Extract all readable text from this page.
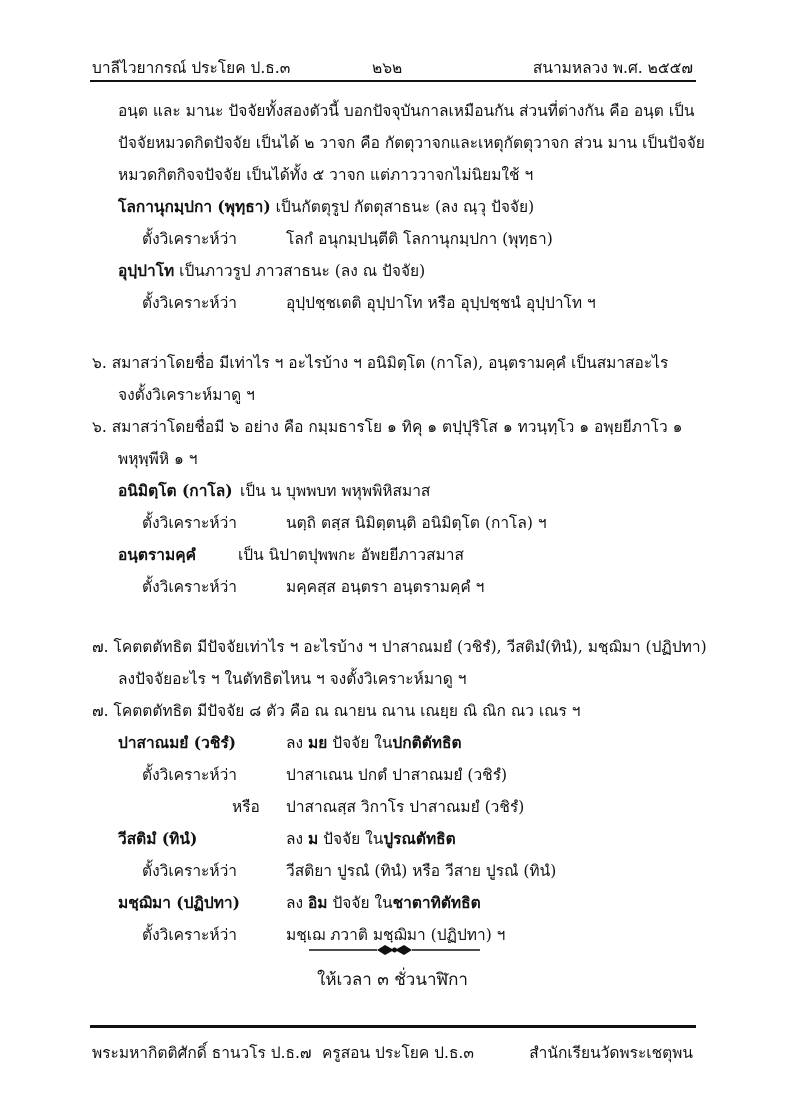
บาลีไวยากรณ์ ประโยค ป.ธ.๓	๒๖๒	สนามหลวง พ.ศ. ๒๕๕๗
อนฺต และ มานะ ปัจจัยทั้งสองตัวนี้ บอกปัจจุบันกาลเหมือนกัน ส่วนที่ต่างกัน คือ อนฺต เป็น
ปัจจัยหมวดกิตปัจจัย เป็นได้ ๒ วาจก คือ กัตตุวาจกและเหตุกัตตุวาจก ส่วน มาน เป็นปัจจัย
หมวดกิตกิจจปัจจัย เป็นได้ทั้ง ๕ วาจก แต่ภาววาจกไม่นิยมใช้ ฯ
โลกานุกมฺปกา (พุทฺธา) เป็นกัตตุรูป กัตตุสาธนะ (ลง ณฺวุ ปัจจัย)
ตั้งวิเคราะห์ว่า	โลกํ อนุกมฺปนฺตีติ โลกานุกมฺปกา (พุทฺธา)
อุปฺปาโท เป็นภาวรูป ภาวสาธนะ (ลง ณ ปัจจัย)
ตั้งวิเคราะห์ว่า	อุปฺปชฺชเตติ อุปฺปาโท หรือ อุปฺปชฺชนํ อุปฺปาโท ฯ
๖. สมาสว่าโดยชื่อ มีเท่าไร ฯ อะไรบ้าง ฯ อนิมิตฺโต (กาโล), อนฺตรามคฺคํ เป็นสมาสอะไร
จงตั้งวิเคราะห์มาดู ฯ
๖. สมาสว่าโดยชื่อมี ๖ อย่าง คือ กมฺมธารโย ๑ ทิคุ ๑ ตปฺปุริโส ๑ ทวนฺทฺโว ๑ อพฺยยีภาโว ๑
พหุพฺพีหิ ๑ ฯ
อนิมิตฺโต (กาโล) เป็น น บุพพบท พหุพพิหิสมาส
ตั้งวิเคราะห์ว่า	นตฺถิ ตสฺส นิมิตฺตนฺติ อนิมิตฺโต (กาโล) ฯ
อนฺตรามคฺคํ	เป็น นิปาตปุพพกะ อัพยยีภาวสมาส
ตั้งวิเคราะห์ว่า	มคฺคสฺส อนฺตรา อนฺตรามคฺคํ ฯ
๗. โคตตตัทธิต มีปัจจัยเท่าไร ฯ อะไรบ้าง ฯ ปาสาณมยํ (วชิรํ), วีสติมํ(ทินํ), มชฺฌิมา (ปฏิปทา)
ลงปัจจัยอะไร ฯ ในตัทธิตไหน ฯ จงตั้งวิเคราะห์มาดู ฯ
๗. โคตตตัทธิต มีปัจจัย ๘ ตัว คือ ณ ณายน ณาน เณยฺย ณิ ณิก ณว เณร ฯ
ปาสาณมยํ (วชิรํ)	ลง มย ปัจจัย ในปกติตัทธิต
ตั้งวิเคราะห์ว่า	ปาสาเณน ปกตํ ปาสาณมยํ (วชิรํ)
หรือ ปาสาณสฺส วิกาโร ปาสาณมยํ (วชิรํ)
วีสติมํ (ทินํ)	ลง ม ปัจจัย ในปูรณตัทธิต
ตั้งวิเคราะห์ว่า	วีสติยา ปูรณํ (ทินํ) หรือ วีสาย ปูรณํ (ทินํ)
มชฺฌิมา (ปฏิปทา)	ลง อิม ปัจจัย ในชาตาทิตัทธิต
ตั้งวิเคราะห์ว่า	มชฺเฌ ภวาติ มชฺฌิมา (ปฏิปทา) ฯ
ให้เวลา ๓ ชั่วนาฬิกา
พระมหากิตติศักดิ์ ธานวโร ป.ธ.๗ ครูสอน ประโยค ป.ธ.๓	สำนักเรียนวัดพระเชตุพน
